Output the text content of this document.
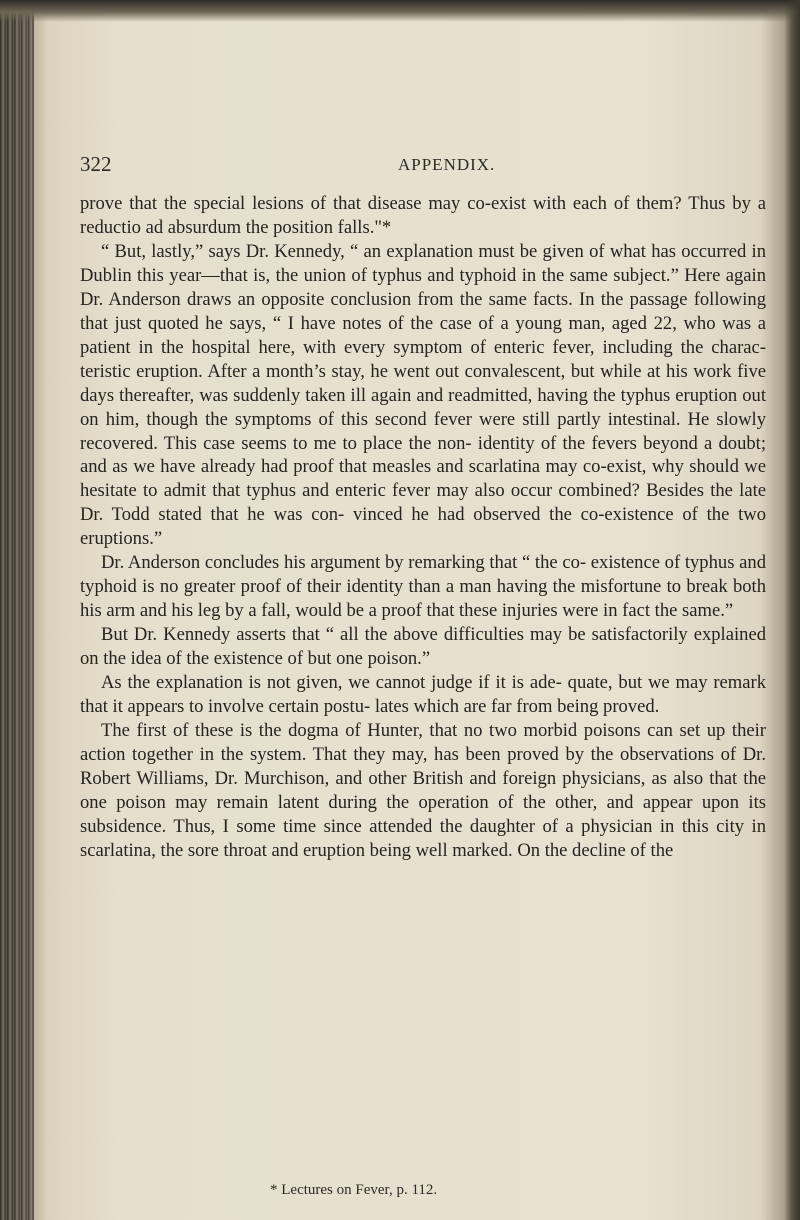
322	APPENDIX.

prove that the special lesions of that disease may co-exist with each of them? Thus by a reductio ad absurdum the position falls."*

“ But, lastly,” says Dr. Kennedy, “ an explanation must be given of what has occurred in Dublin this year—that is, the union of typhus and typhoid in the same subject.” Here again Dr. Anderson draws an opposite conclusion from the same facts. In the passage following that just quoted he says, “ I have notes of the case of a young man, aged 22, who was a patient in the hospital here, with every symptom of enteric fever, including the charac- teristic eruption. After a month’s stay, he went out convalescent, but while at his work five days thereafter, was suddenly taken ill again and readmitted, having the typhus eruption out on him, though the symptoms of this second fever were still partly intestinal. He slowly recovered. This case seems to me to place the non- identity of the fevers beyond a doubt; and as we have already had proof that measles and scarlatina may co-exist, why should we hesitate to admit that typhus and enteric fever may also occur combined? Besides the late Dr. Todd stated that he was con- vinced he had observed the co-existence of the two eruptions.”

Dr. Anderson concludes his argument by remarking that “ the co- existence of typhus and typhoid is no greater proof of their identity than a man having the misfortune to break both his arm and his leg by a fall, would be a proof that these injuries were in fact the same.”

But Dr. Kennedy asserts that “ all the above difficulties may be satisfactorily explained on the idea of the existence of but one poison.”

As the explanation is not given, we cannot judge if it is ade- quate, but we may remark that it appears to involve certain postu- lates which are far from being proved.

The first of these is the dogma of Hunter, that no two morbid poisons can set up their action together in the system. That they may, has been proved by the observations of Dr. Robert Williams, Dr. Murchison, and other British and foreign physicians, as also that the one poison may remain latent during the operation of the other, and appear upon its subsidence. Thus, I some time since attended the daughter of a physician in this city in scarlatina, the sore throat and eruption being well marked. On the decline of the

* Lectures on Fever, p. 112.
